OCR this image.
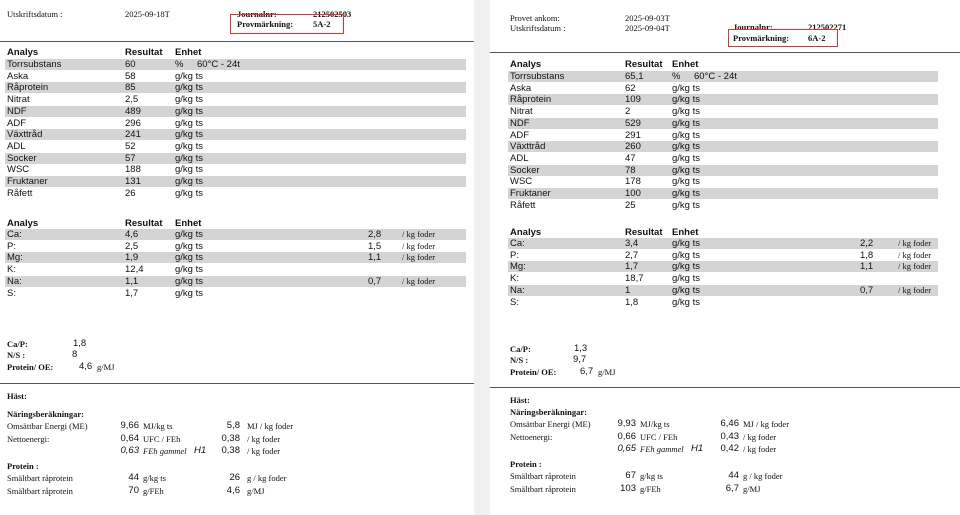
Utskriftsdatum :	2025-09-18T	Journalnr:	212502503
Provmärkning: 5A-2
Analys	Resultat Enhet
Torrsubstans	60	% 60°C - 24t
Aska	58	g/kg ts
Råprotein	85	g/kg ts
Nitrat	2,5	g/kg ts
NDF	489	g/kg ts
ADF	296	g/kg ts
Växttråd	241	g/kg ts
ADL	52	g/kg ts
Socker	57	g/kg ts
WSC	188	g/kg ts
Fruktaner	131	g/kg ts
Råfett	26	g/kg ts
Analys	Resultat Enhet
Ca:	4,6	g/kg ts	2,8 / kg foder
P:	2,5	g/kg ts	1,5 / kg foder
Mg:	1,9	g/kg ts	1,1 / kg foder
K:	12,4	g/kg ts
Na:	1,1	g/kg ts	0,7 / kg foder
S:	1,7	g/kg ts
Ca/P:	1,8
N/S :	8
Protein/ OE:	4,6 g/MJ
Häst:
Näringsberäkningar:
Omsättbar Energi (ME)	9,66 MJ/kg ts	5,8 MJ / kg foder
Nettoenergi:	0,64 UFC / FEh	0,38 / kg foder
0,63 FEh gammel H1 0,38 / kg foder
Protein :
Smältbart råprotein	44 g/kg ts	26 g / kg foder
Smältbart råprotein	70 g/FEh	4,6 g/MJ
Provet ankom:	2025-09-03T
Utskriftsdatum :	2025-09-04T	Journalnr:	212502271
Provmärkning: 6A-2
Analys	Resultat Enhet
Torrsubstans	65,1	% 60°C - 24t
Aska	62	g/kg ts
Råprotein	109	g/kg ts
Nitrat	2	g/kg ts
NDF	529	g/kg ts
ADF	291	g/kg ts
Växttråd	260	g/kg ts
ADL	47	g/kg ts
Socker	78	g/kg ts
WSC	178	g/kg ts
Fruktaner	100	g/kg ts
Råfett	25	g/kg ts
Analys	Resultat Enhet
Ca:	3,4	g/kg ts	2,2	/ kg foder
P:	2,7	g/kg ts	1,8	/ kg foder
Mg:	1,7	g/kg ts	1,1	/ kg foder
K:	18,7	g/kg ts
Na:	1	g/kg ts	0,7	/ kg foder
S:	1,8	g/kg ts
Ca/P:	1,3
N/S :	9,7
Protein/ OE: 6,7 g/MJ
Häst:
Näringsberäkningar:
Omsättbar Energi (ME)	9,93 MJ/kg ts	6,46 MJ / kg foder
Nettoenergi:	0,66 UFC / FEh	0,43 / kg foder
0,65 FEh gammel H1 0,42 / kg foder
Protein :
Smältbart råprotein	67 g/kg ts	44 g / kg foder
Smältbart råprotein	103 g/FEh	6,7 g/MJ
